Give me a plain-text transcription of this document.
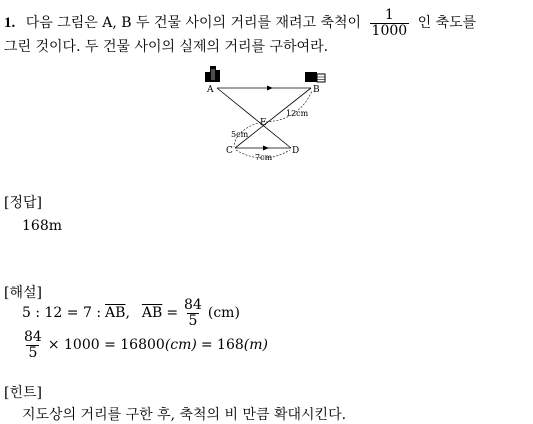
1. 다음 그림은 A, B 두 건물 사이의 거리를 재려고 축척이 $\frac{1}{1000}$ 인 축도를
그린 것이다. 두 건물 사이의 실제의 거리를 구하여라.
A	B
C	D
E
12cm
5cm
7cm
[정답]
168m
[해설]
5 : 12 = 7 : $\overline{AB}$ , $\overline{AB} = \frac{84}{5} (cm)$
$\frac{84}{5} \times 1000 = 16800$ (cm) = 168 (m)
[힌트]
지도상의 거리를 구한 후, 축척의 비 만큼 확대시킨다.
